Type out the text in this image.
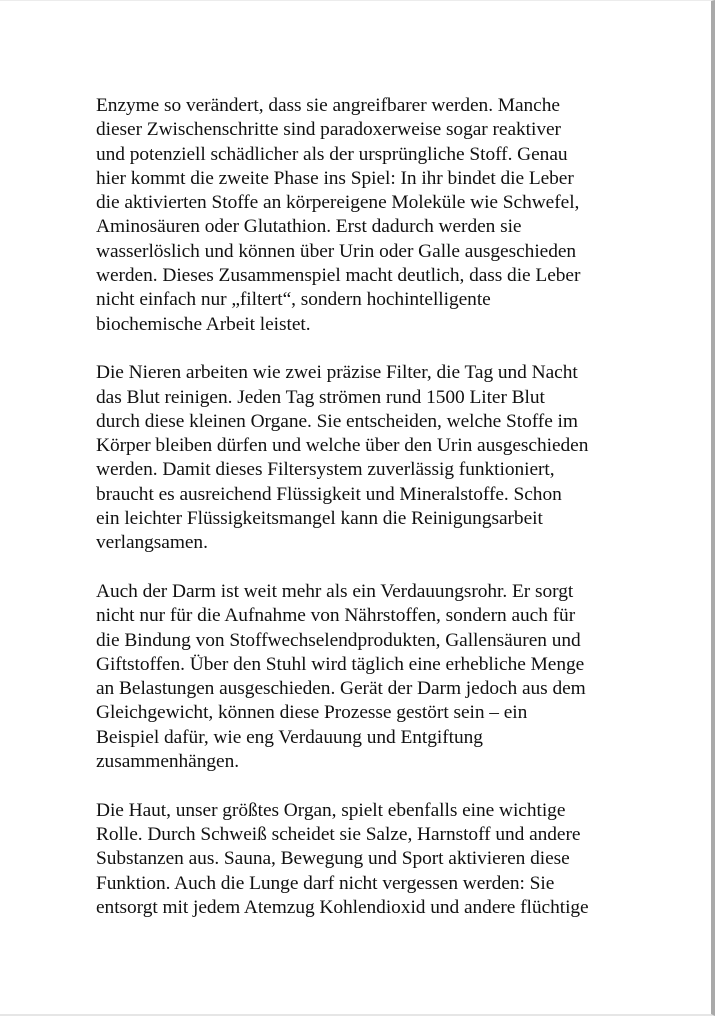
Enzyme so verändert, dass sie angreifbarer werden. Manche
dieser Zwischenschritte sind paradoxerweise sogar reaktiver
und potenziell schädlicher als der ursprüngliche Stoff. Genau
hier kommt die zweite Phase ins Spiel: In ihr bindet die Leber
die aktivierten Stoffe an körpereigene Moleküle wie Schwefel,
Aminosäuren oder Glutathion. Erst dadurch werden sie
wasserlöslich und können über Urin oder Galle ausgeschieden
werden. Dieses Zusammenspiel macht deutlich, dass die Leber
nicht einfach nur „filtert“, sondern hochintelligente
biochemische Arbeit leistet.

Die Nieren arbeiten wie zwei präzise Filter, die Tag und Nacht
das Blut reinigen. Jeden Tag strömen rund 1500 Liter Blut
durch diese kleinen Organe. Sie entscheiden, welche Stoffe im
Körper bleiben dürfen und welche über den Urin ausgeschieden
werden. Damit dieses Filtersystem zuverlässig funktioniert,
braucht es ausreichend Flüssigkeit und Mineralstoffe. Schon
ein leichter Flüssigkeitsmangel kann die Reinigungsarbeit
verlangsamen.

Auch der Darm ist weit mehr als ein Verdauungsrohr. Er sorgt
nicht nur für die Aufnahme von Nährstoffen, sondern auch für
die Bindung von Stoffwechselendprodukten, Gallensäuren und
Giftstoffen. Über den Stuhl wird täglich eine erhebliche Menge
an Belastungen ausgeschieden. Gerät der Darm jedoch aus dem
Gleichgewicht, können diese Prozesse gestört sein – ein
Beispiel dafür, wie eng Verdauung und Entgiftung
zusammenhängen.

Die Haut, unser größtes Organ, spielt ebenfalls eine wichtige
Rolle. Durch Schweiß scheidet sie Salze, Harnstoff und andere
Substanzen aus. Sauna, Bewegung und Sport aktivieren diese
Funktion. Auch die Lunge darf nicht vergessen werden: Sie
entsorgt mit jedem Atemzug Kohlendioxid und andere flüchtige
